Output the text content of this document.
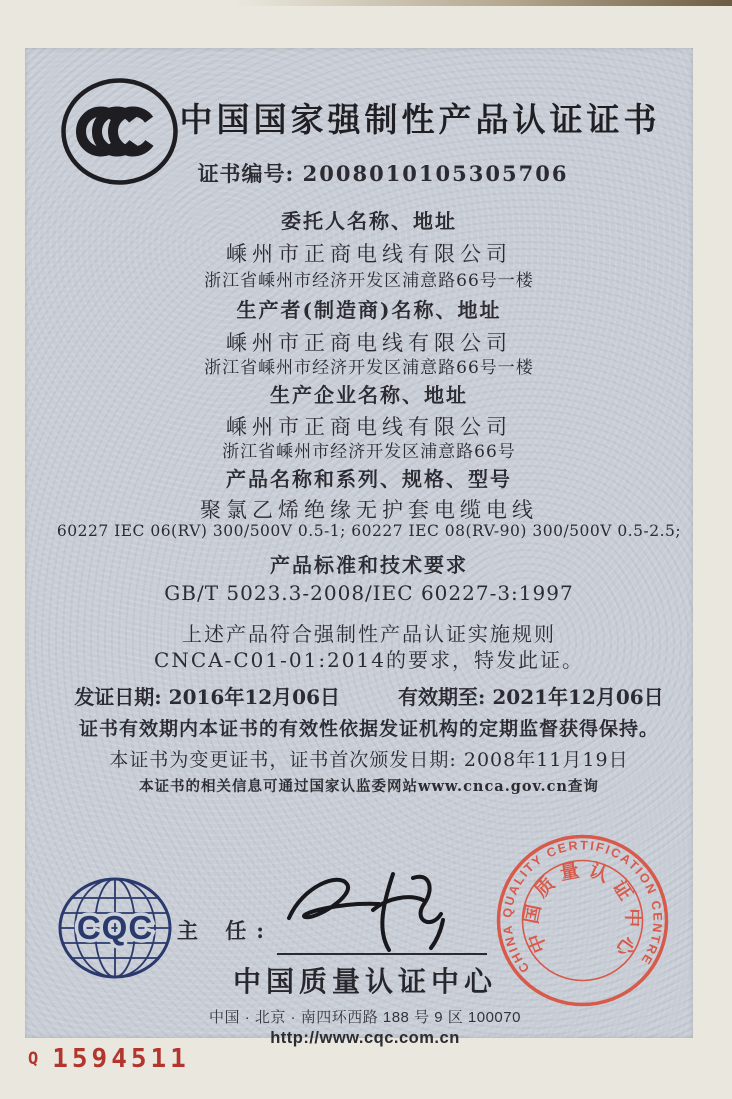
中国国家强制性产品认证证书
证书编号: 2008010105305706
委托人名称、地址
嵊州市正商电线有限公司
浙江省嵊州市经济开发区浦意路66号一楼
生产者(制造商)名称、地址
嵊州市正商电线有限公司
浙江省嵊州市经济开发区浦意路66号一楼
生产企业名称、地址
嵊州市正商电线有限公司
浙江省嵊州市经济开发区浦意路66号
产品名称和系列、规格、型号
聚氯乙烯绝缘无护套电缆电线
60227 IEC 06(RV) 300/500V 0.5-1; 60227 IEC 08(RV-90) 300/500V 0.5-2.5;
产品标准和技术要求
GB/T 5023.3-2008/IEC 60227-3:1997
上述产品符合强制性产品认证实施规则
CNCA-C01-01:2014的要求，特发此证。
发证日期: 2016年12月06日	有效期至: 2021年12月06日
证书有效期内本证书的有效性依据发证机构的定期监督获得保持。
本证书为变更证书，证书首次颁发日期: 2008年11月19日
本证书的相关信息可通过国家认监委网站www.cnca.gov.cn查询
CQC 主 任:
中国质量认证中心
中国 · 北京 · 南四环西路 188 号 9 区 100070
http://www.cqc.com.cn
CHINA QUALITY CERTIFICATION CENTRE
中国质量认证中心
Q 1594511
